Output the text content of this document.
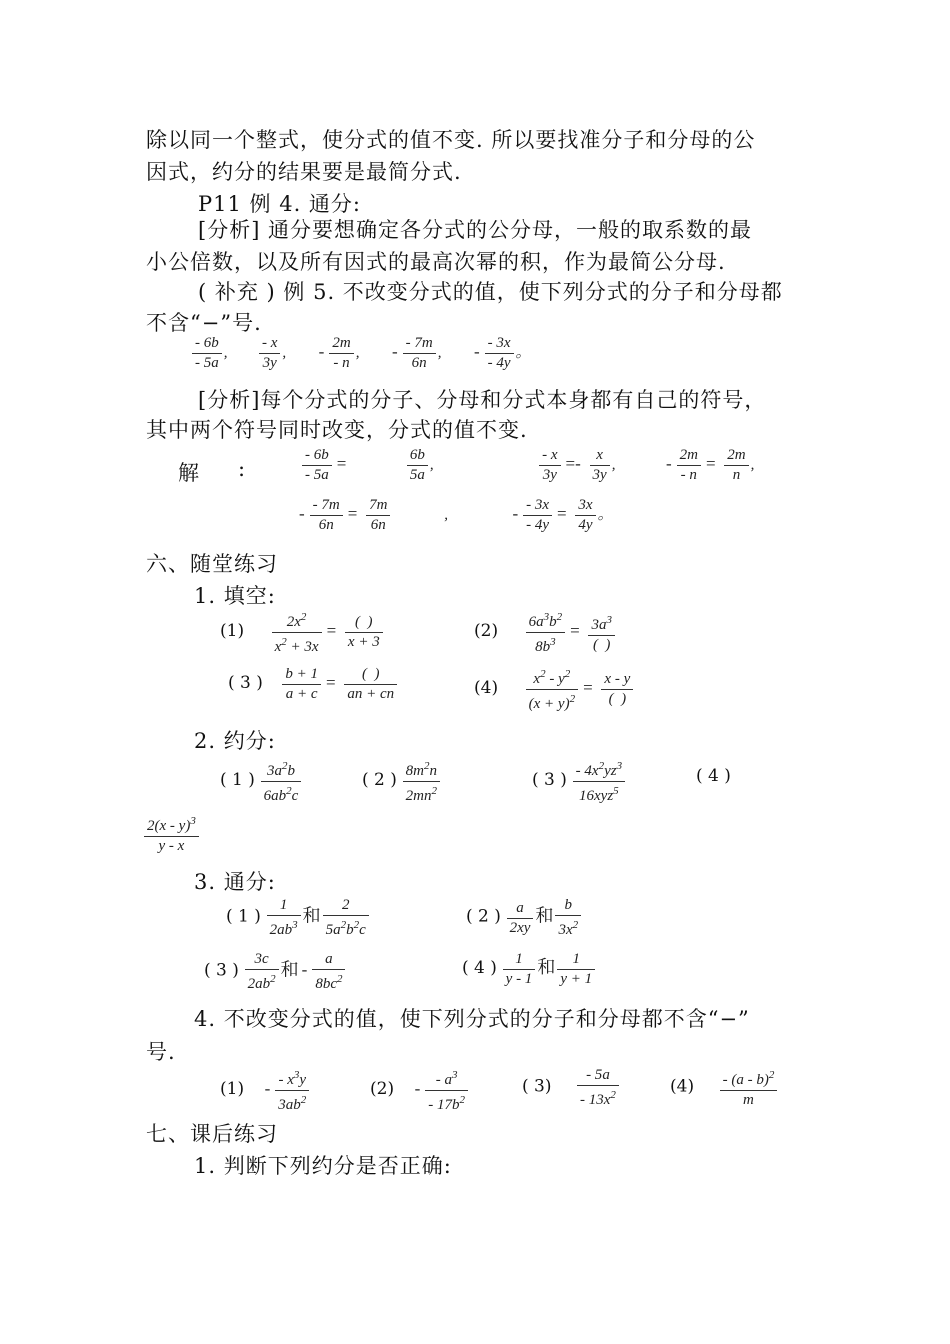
除以同一个整式，使分式的值不变. 所以要找准分子和分母的公
因式，约分的结果要是最简分式.
P11 例 4. 通分:
[分析] 通分要想确定各分式的公分母，一般的取系数的最
小公倍数，以及所有因式的最高次幂的积，作为最简公分母.
( 补充 ) 例 5. 不改变分式的值，使下列分式的分子和分母都
不含“−”号.
$\frac{- 6b}{- 5a}$ , $\frac{- x}{3y}$ ,  - $\frac{2m}{- n}$ ,  - $\frac{- 7m}{6n}$ ,  - $\frac{- 3x}{- 4y}$ 。
[分析]每个分式的分子、分母和分式本身都有自己的符号，
其中两个符号同时改变，分式的值不变.
解 :	$\frac{- 6b}{- 5a}$ =	$\frac{6b}{5a}$ ,	$\frac{- x}{3y} =- \frac{x}{3y}$ ,	- $\frac{2m}{- n} = \frac{2m}{n}$ ,
- $\frac{- 7m}{6n} = \frac{7m}{6n}$	,	- $\frac{- 3x}{- 4y} = \frac{3x}{4y}$ 。
六、随堂练习
1. 填空:
$(1) \frac{2x^2}{x^2 + 3x} = \frac{( )}{x + 3}$	$(2) \frac{6a^3b^2}{8b^3} = \frac{3a^3}{( )}$
( 3 ) $\frac{b + 1}{a + c} = \frac{( )}{an + cn}$	$(4) \frac{x^2 - y^2}{(x + y)^2} = \frac{x - y}{( )}$
2. 约分:
( 1 ) $\frac{3a^2b}{6ab^2c}$	( 2 ) $\frac{8m^2n}{2mn^2}$	( 3 ) $\frac{- 4x^2yz^3}{16xyz^5}$	( 4 )
$\frac{2(x - y)^3}{y - x}$
3. 通分:
( 1 ) $\frac{1}{2ab^3}$ 和 $\frac{2}{5a^2b^2c}$	( 2 ) $\frac{a}{2xy}$ 和 $\frac{b}{3x^2}$
( 3 ) $\frac{3c}{2ab^2}$ 和 - $\frac{a}{8bc^2}$	( 4 ) $\frac{1}{y - 1}$ 和 $\frac{1}{y + 1}$
4. 不改变分式的值，使下列分式的分子和分母都不含“−”
号.
$(1) - \frac{- x^3y}{3ab^2}$	$(2) - \frac{- a^3}{- 17b^2}$	( $3) \frac{- 5a}{- 13x^2}$	$(4) \frac{- (a - b)^2}{m}$
七、课后练习
1. 判断下列约分是否正确:
